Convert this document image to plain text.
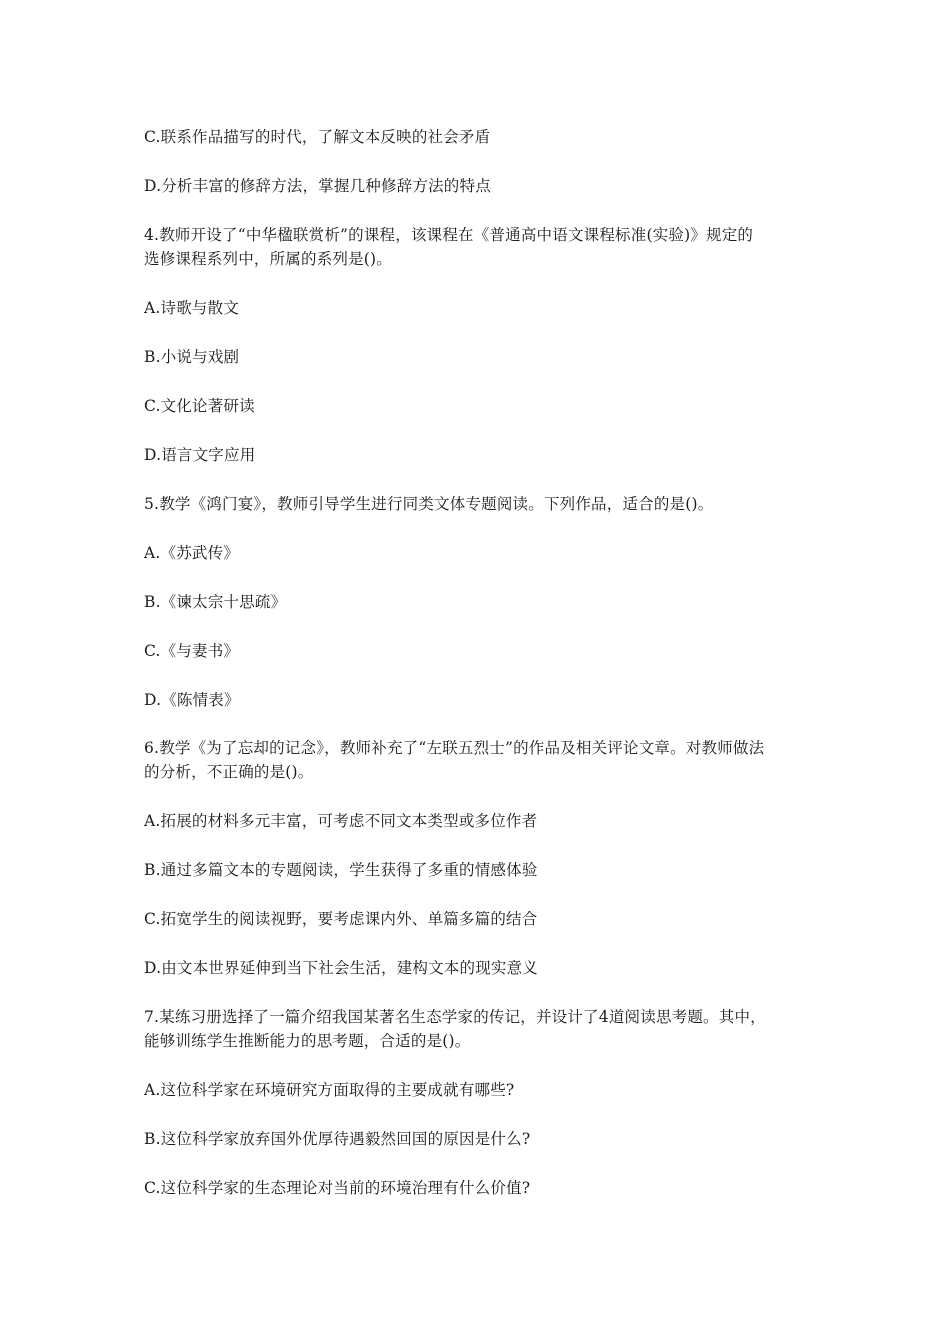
C.联系作品描写的时代，了解文本反映的社会矛盾
D.分析丰富的修辞方法，掌握几种修辞方法的特点
4.教师开设了“中华楹联赏析”的课程，该课程在《普通高中语文课程标准(实验)》规定的
选修课程系列中，所属的系列是()。
A.诗歌与散文
B.小说与戏剧
C.文化论著研读
D.语言文字应用
5.教学《鸿门宴》，教师引导学生进行同类文体专题阅读。下列作品，适合的是()。
A.《苏武传》
B.《谏太宗十思疏》
C.《与妻书》
D.《陈情表》
6.教学《为了忘却的记念》，教师补充了“左联五烈士”的作品及相关评论文章。对教师做法
的分析，不正确的是()。
A.拓展的材料多元丰富，可考虑不同文本类型或多位作者
B.通过多篇文本的专题阅读，学生获得了多重的情感体验
C.拓宽学生的阅读视野，要考虑课内外、单篇多篇的结合
D.由文本世界延伸到当下社会生活，建构文本的现实意义
7.某练习册选择了一篇介绍我国某著名生态学家的传记，并设计了4道阅读思考题。其中，
能够训练学生推断能力的思考题，合适的是()。
A.这位科学家在环境研究方面取得的主要成就有哪些?
B.这位科学家放弃国外优厚待遇毅然回国的原因是什么?
C.这位科学家的生态理论对当前的环境治理有什么价值?
